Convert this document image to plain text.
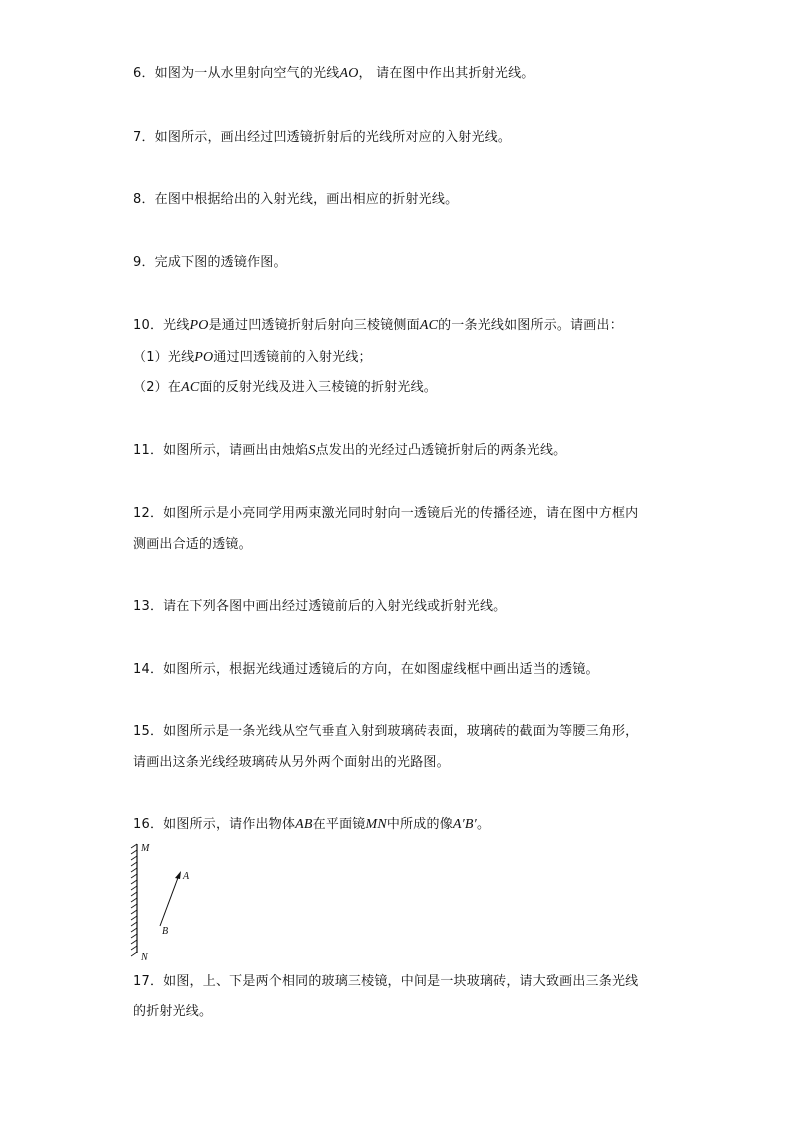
6．如图为一从水里射向空气的光线AO， 请在图中作出其折射光线。
7．如图所示，画出经过凹透镜折射后的光线所对应的入射光线。
8．在图中根据给出的入射光线，画出相应的折射光线。
9．完成下图的透镜作图。
10．光线PO是通过凹透镜折射后射向三棱镜侧面AC的一条光线如图所示。请画出：
（1）光线PO通过凹透镜前的入射光线；
（2）在AC面的反射光线及进入三棱镜的折射光线。
11．如图所示，请画出由烛焰S点发出的光经过凸透镜折射后的两条光线。
12．如图所示是小亮同学用两束激光同时射向一透镜后光的传播径迹，请在图中方框内
测画出合适的透镜。
13．请在下列各图中画出经过透镜前后的入射光线或折射光线。
14．如图所示，根据光线通过透镜后的方向，在如图虚线框中画出适当的透镜。
15．如图所示是一条光线从空气垂直入射到玻璃砖表面，玻璃砖的截面为等腰三角形，
请画出这条光线经玻璃砖从另外两个面射出的光路图。
16．如图所示，请作出物体AB在平面镜MN中所成的像A′B′。
M
N
A
B
17．如图，上、下是两个相同的玻璃三棱镜，中间是一块玻璃砖，请大致画出三条光线
的折射光线。
